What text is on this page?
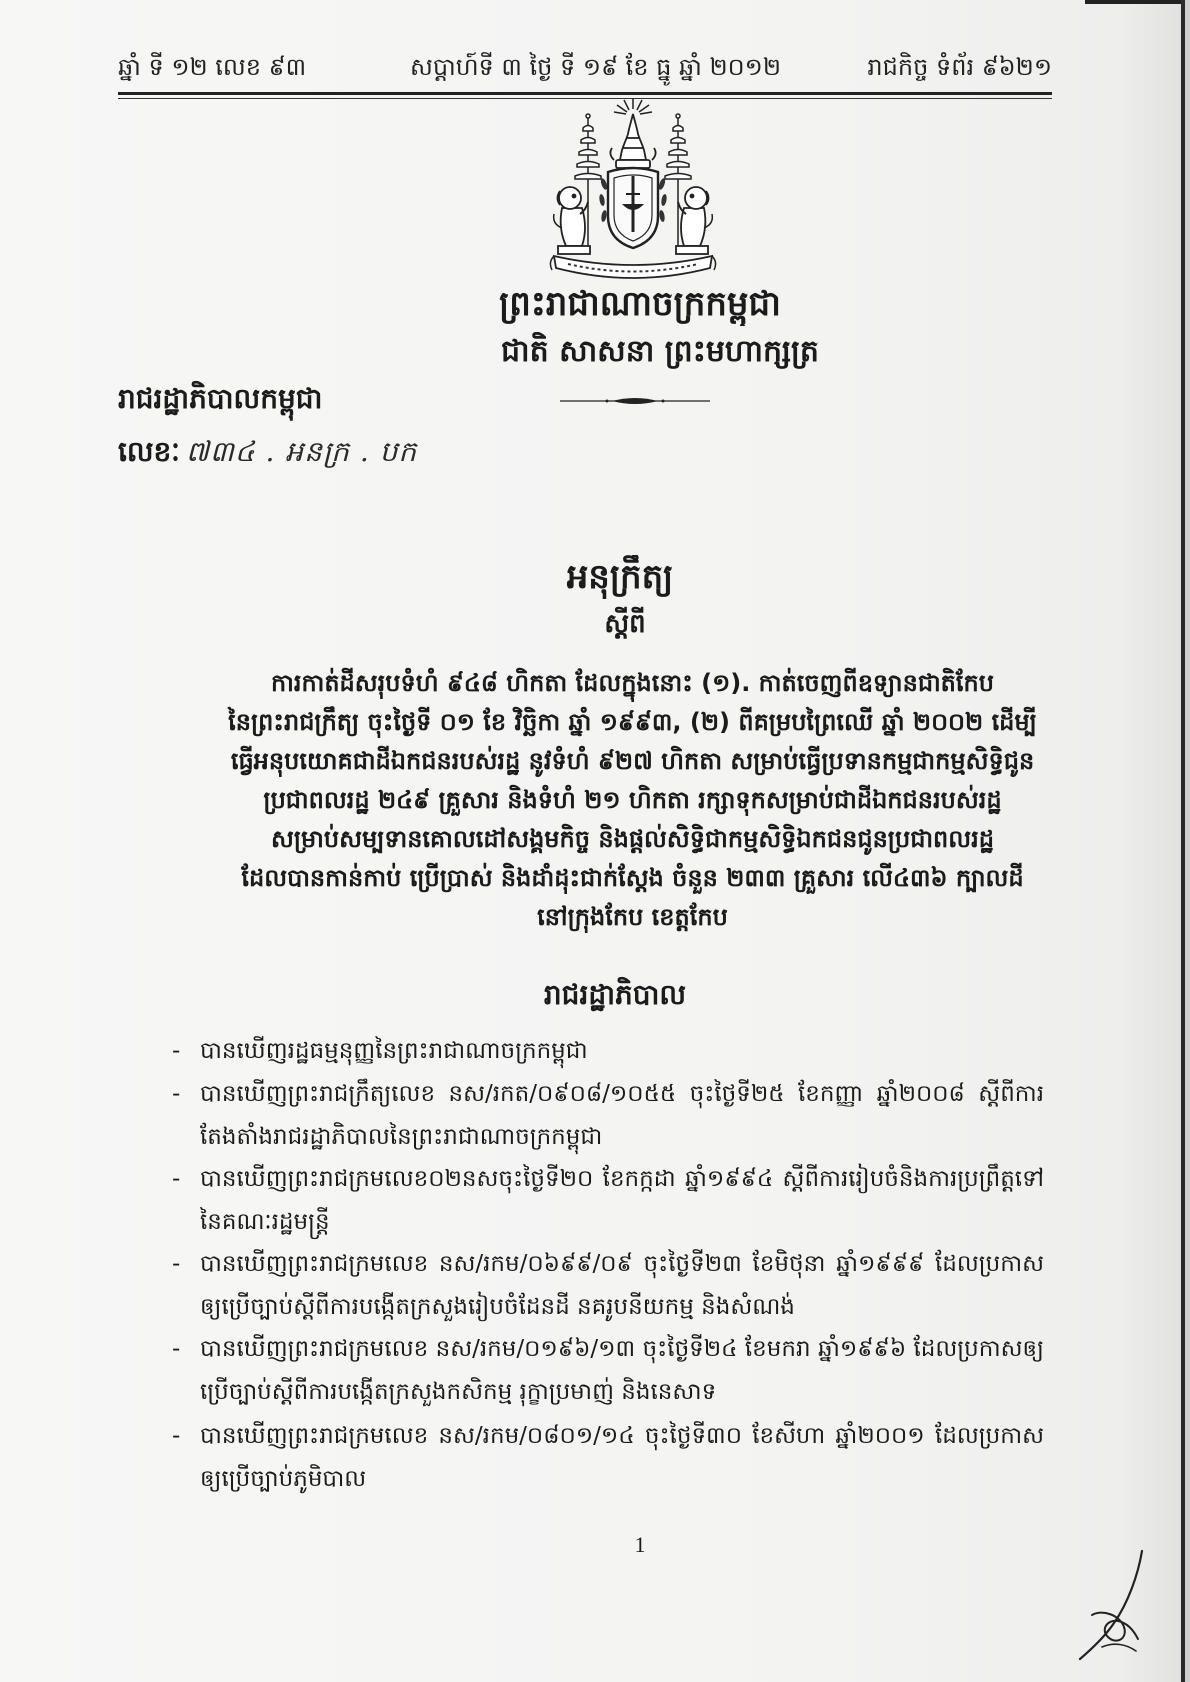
ឆ្នាំ ទី ១២ លេខ ៩៣	សប្តាហ៍ទី ៣ ថ្ងៃ ទី ១៩ ខែ ធ្នូ ឆ្នាំ ២០១២	រាជកិច្ច ទំព័រ ៩៦២១
ព្រះរាជាណាចក្រកម្ពុជា
ជាតិ សាសនា ព្រះមហាក្សត្រ
រាជរដ្ឋាភិបាលកម្ពុជា
លេខៈ ៧៣៤ . អនក្រ . បក
អនុក្រឹត្យ
ស្តីពី
ការកាត់ដីសរុបទំហំ ៩៤៨ ហិកតា ដែលក្នុងនោះ (១). កាត់ចេញពីឧទ្យានជាតិកែប
នៃព្រះរាជក្រឹត្យ ចុះថ្ងៃទី ០១ ខែ វិច្ឆិកា ឆ្នាំ ១៩៩៣, (២) ពីគម្របព្រៃឈើ ឆ្នាំ ២០០២ ដើម្បី
ធ្វើអនុបយោគជាដីឯកជនរបស់រដ្ឋ នូវទំហំ ៩២៧ ហិកតា សម្រាប់ធ្វើប្រទានកម្មជាកម្មសិទ្ធិជូន
ប្រជាពលរដ្ឋ ២៤៩ គ្រួសារ និងទំហំ ២១ ហិកតា រក្សាទុកសម្រាប់ជាដីឯកជនរបស់រដ្ឋ
សម្រាប់សម្បទានគោលដៅសង្គមកិច្ច និងផ្តល់សិទ្ធិជាកម្មសិទ្ធិឯកជនជូនប្រជាពលរដ្ឋ
ដែលបានកាន់កាប់ ប្រើប្រាស់ និងដាំដុះជាក់ស្តែង ចំនួន ២៣៣ គ្រួសារ លើ៤៣៦ ក្បាលដី
នៅក្រុងកែប ខេត្តកែប
រាជរដ្ឋាភិបាល
- បានឃើញរដ្ឋធម្មនុញ្ញនៃព្រះរាជាណាចក្រកម្ពុជា
- បានឃើញព្រះរាជក្រឹត្យលេខ នស/រកត/០៩០៨/១០៥៥ ចុះថ្ងៃទី២៥ ខែកញ្ញា ឆ្នាំ២០០៨ ស្តីពីការតែងតាំងរាជរដ្ឋាភិបាលនៃព្រះរាជាណាចក្រកម្ពុជា
- បានឃើញព្រះរាជក្រមលេខ០២នសចុះថ្ងៃទី២០ ខែកក្កដា ឆ្នាំ១៩៩៤ ស្តីពីការរៀបចំនិងការប្រព្រឹត្តទៅនៃគណៈរដ្ឋមន្ត្រី
- បានឃើញព្រះរាជក្រមលេខ នស/រកម/០៦៩៩/០៩ ចុះថ្ងៃទី២៣ ខែមិថុនា ឆ្នាំ១៩៩៩ ដែលប្រកាសឲ្យប្រើច្បាប់ស្តីពីការបង្កើតក្រសួងរៀបចំដែនដី នគរូបនីយកម្ម និងសំណង់
- បានឃើញព្រះរាជក្រមលេខ នស/រកម/០១៩៦/១៣ ចុះថ្ងៃទី២៤ ខែមករា ឆ្នាំ១៩៩៦ ដែលប្រកាសឲ្យប្រើច្បាប់ស្តីពីការបង្កើតក្រសួងកសិកម្ម រុក្ខាប្រមាញ់ និងនេសាទ
- បានឃើញព្រះរាជក្រមលេខ នស/រកម/០៨០១/១៤ ចុះថ្ងៃទី៣០ ខែសីហា ឆ្នាំ២០០១ ដែលប្រកាសឲ្យប្រើច្បាប់ភូមិបាល
1
